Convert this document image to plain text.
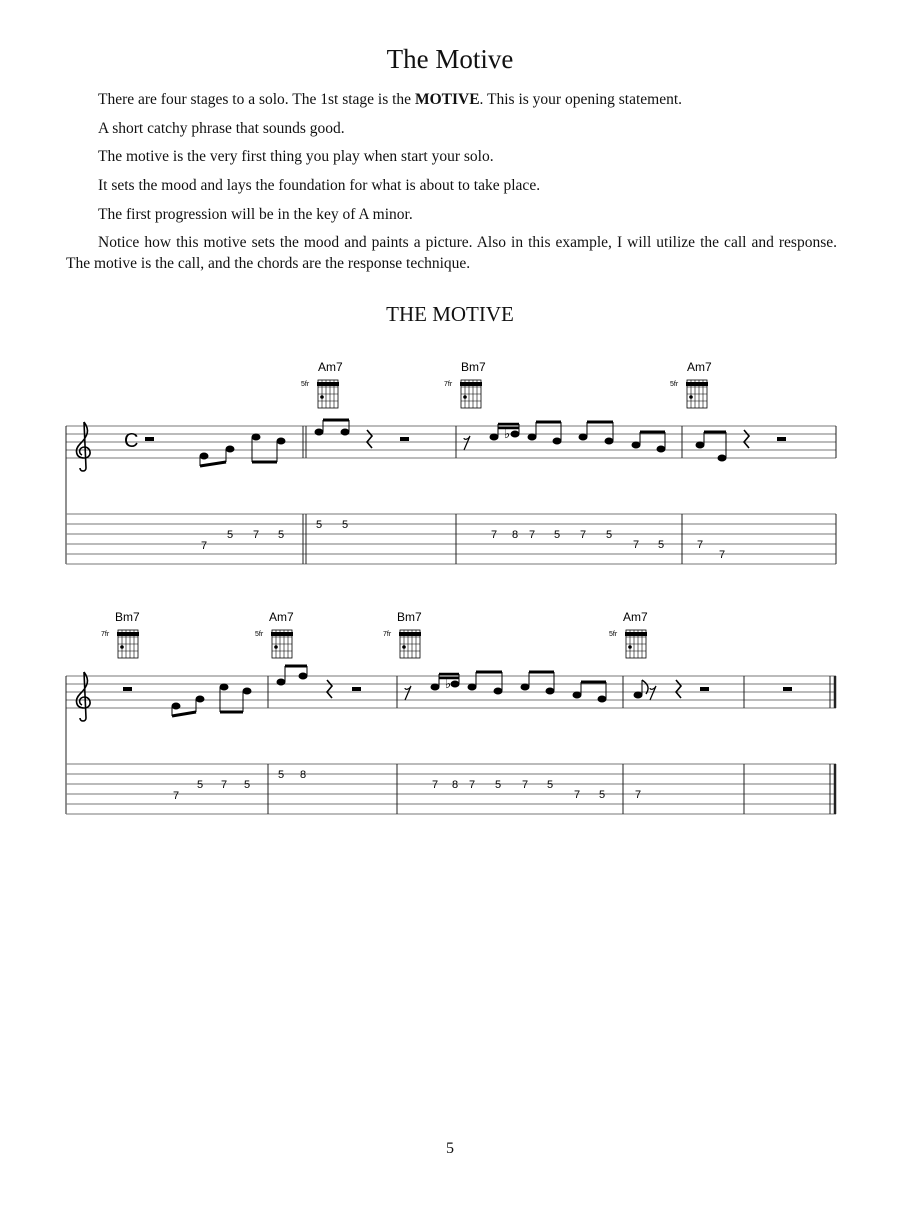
The Motive

There are four stages to a solo. The 1st stage is the MOTIVE. This is your opening statement.

A short catchy phrase that sounds good.

The motive is the very first thing you play when start your solo.

It sets the mood and lays the foundation for what is about to take place.

The first progression will be in the key of A minor.

Notice how this motive sets the mood and paints a picture. Also in this example, I will utilize the call and response. The motive is the call, and the chords are the response technique.

THE MOTIVE
Am7
5fr
Bm7
7fr
Am7
5fr
C	♭
7
5 7 5
5 5
7 8 7 5 7 5
7 5	7
7
Bm7
7fr
Am7
5fr
Bm7
7fr
Am7
5fr
♭
7
5 7 5
5 8
7 8 7 5 7 5
7 5	7
5
